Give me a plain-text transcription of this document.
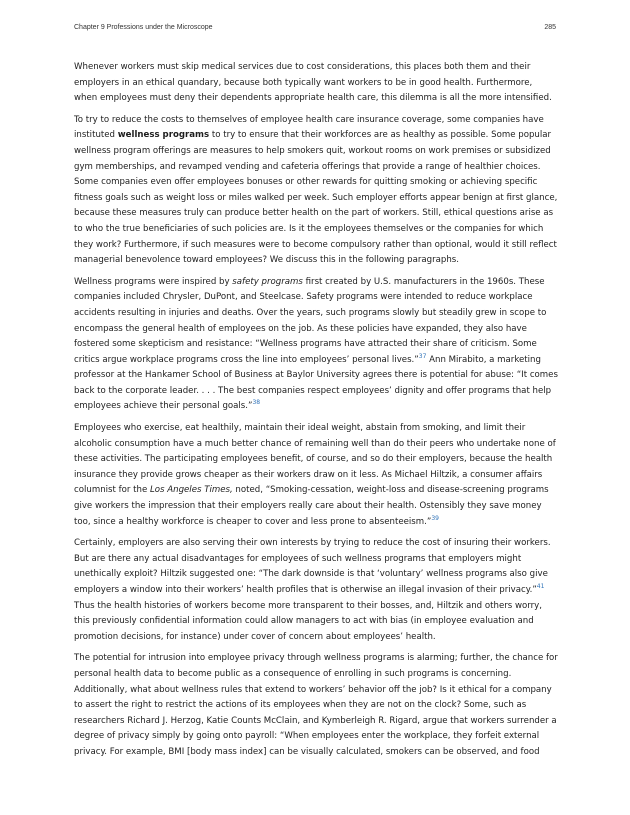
Chapter 9 Professions under the Microscope	285

Whenever workers must skip medical services due to cost considerations, this places both them and their employers in an ethical quandary, because both typically want workers to be in good health. Furthermore, when employees must deny their dependents appropriate health care, this dilemma is all the more intensified.

To try to reduce the costs to themselves of employee health care insurance coverage, some companies have instituted wellness programs to try to ensure that their workforces are as healthy as possible. Some popular wellness program offerings are measures to help smokers quit, workout rooms on work premises or subsidized gym memberships, and revamped vending and cafeteria offerings that provide a range of healthier choices. Some companies even offer employees bonuses or other rewards for quitting smoking or achieving specific fitness goals such as weight loss or miles walked per week. Such employer efforts appear benign at first glance, because these measures truly can produce better health on the part of workers. Still, ethical questions arise as to who the true beneficiaries of such policies are. Is it the employees themselves or the companies for which they work? Furthermore, if such measures were to become compulsory rather than optional, would it still reflect managerial benevolence toward employees? We discuss this in the following paragraphs.

Wellness programs were inspired by safety programs first created by U.S. manufacturers in the 1960s. These companies included Chrysler, DuPont, and Steelcase. Safety programs were intended to reduce workplace accidents resulting in injuries and deaths. Over the years, such programs slowly but steadily grew in scope to encompass the general health of employees on the job. As these policies have expanded, they also have fostered some skepticism and resistance: “Wellness programs have attracted their share of criticism. Some critics argue workplace programs cross the line into employees’ personal lives.”$^{37}$ Ann Mirabito, a marketing professor at the Hankamer School of Business at Baylor University agrees there is potential for abuse: “It comes back to the corporate leader. . . . The best companies respect employees’ dignity and offer programs that help employees achieve their personal goals.”$^{38}$

Employees who exercise, eat healthily, maintain their ideal weight, abstain from smoking, and limit their alcoholic consumption have a much better chance of remaining well than do their peers who undertake none of these activities. The participating employees benefit, of course, and so do their employers, because the health insurance they provide grows cheaper as their workers draw on it less. As Michael Hiltzik, a consumer affairs columnist for the Los Angeles Times, noted, “Smoking-cessation, weight-loss and disease-screening programs give workers the impression that their employers really care about their health. Ostensibly they save money too, since a healthy workforce is cheaper to cover and less prone to absenteeism.”$^{39}$

Certainly, employers are also serving their own interests by trying to reduce the cost of insuring their workers. But are there any actual disadvantages for employees of such wellness programs that employers might unethically exploit? Hiltzik suggested one: “The dark downside is that ‘voluntary’ wellness programs also give employers a window into their workers’ health profiles that is otherwise an illegal invasion of their privacy.”$^{41}$ Thus the health histories of workers become more transparent to their bosses, and, Hiltzik and others worry, this previously confidential information could allow managers to act with bias (in employee evaluation and promotion decisions, for instance) under cover of concern about employees’ health.

The potential for intrusion into employee privacy through wellness programs is alarming; further, the chance for personal health data to become public as a consequence of enrolling in such programs is concerning. Additionally, what about wellness rules that extend to workers’ behavior off the job? Is it ethical for a company to assert the right to restrict the actions of its employees when they are not on the clock? Some, such as researchers Richard J. Herzog, Katie Counts McClain, and Kymberleigh R. Rigard, argue that workers surrender a degree of privacy simply by going onto payroll: “When employees enter the workplace, they forfeit external privacy. For example, BMI [body mass index] can be visually calculated, smokers can be observed, and food
